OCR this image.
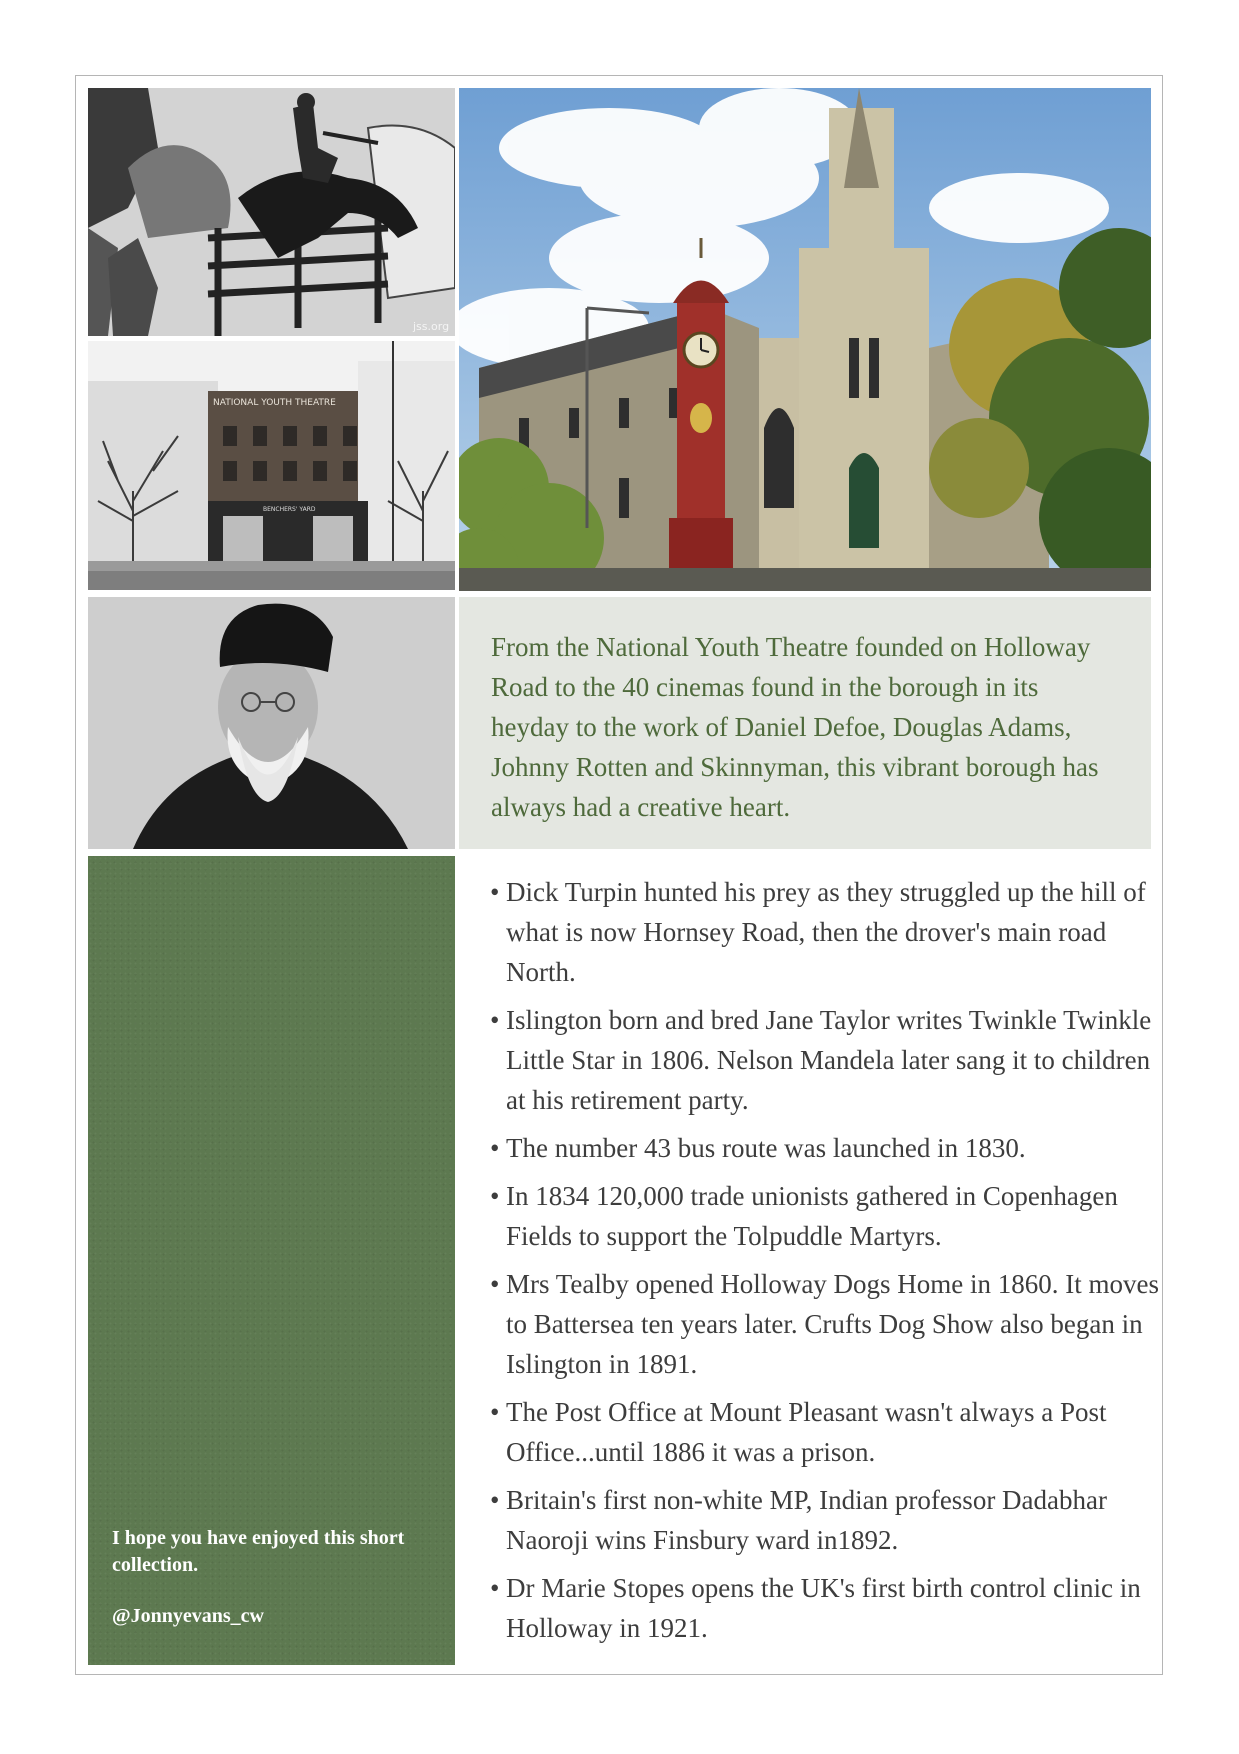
jss.org
NATIONAL YOUTH THEATRE
BENCHERS' YARD

From the National Youth Theatre founded on Holloway Road to the 40 cinemas found in the borough in its heyday to the work of Daniel Defoe, Douglas Adams, Johnny Rotten and Skinnyman, this vibrant borough has always had a creative heart.

I hope you have enjoyed this short collection.

@Jonnyevans_cw

• Dick Turpin hunted his prey as they struggled up the hill of what is now Hornsey Road, then the drover's main road North.
• Islington born and bred Jane Taylor writes Twinkle Twinkle Little Star in 1806. Nelson Mandela later sang it to children at his retirement party.
• The number 43 bus route was launched in 1830.
• In 1834 120,000 trade unionists gathered in Copenhagen Fields to support the Tolpuddle Martyrs.
• Mrs Tealby opened Holloway Dogs Home in 1860. It moves to Battersea ten years later. Crufts Dog Show also began in Islington in 1891.
• The Post Office at Mount Pleasant wasn't always a Post Office...until 1886 it was a prison.
• Britain's first non-white MP, Indian professor Dadabhar Naoroji wins Finsbury ward in1892.
• Dr Marie Stopes opens the UK's first birth control clinic in Holloway in 1921.
